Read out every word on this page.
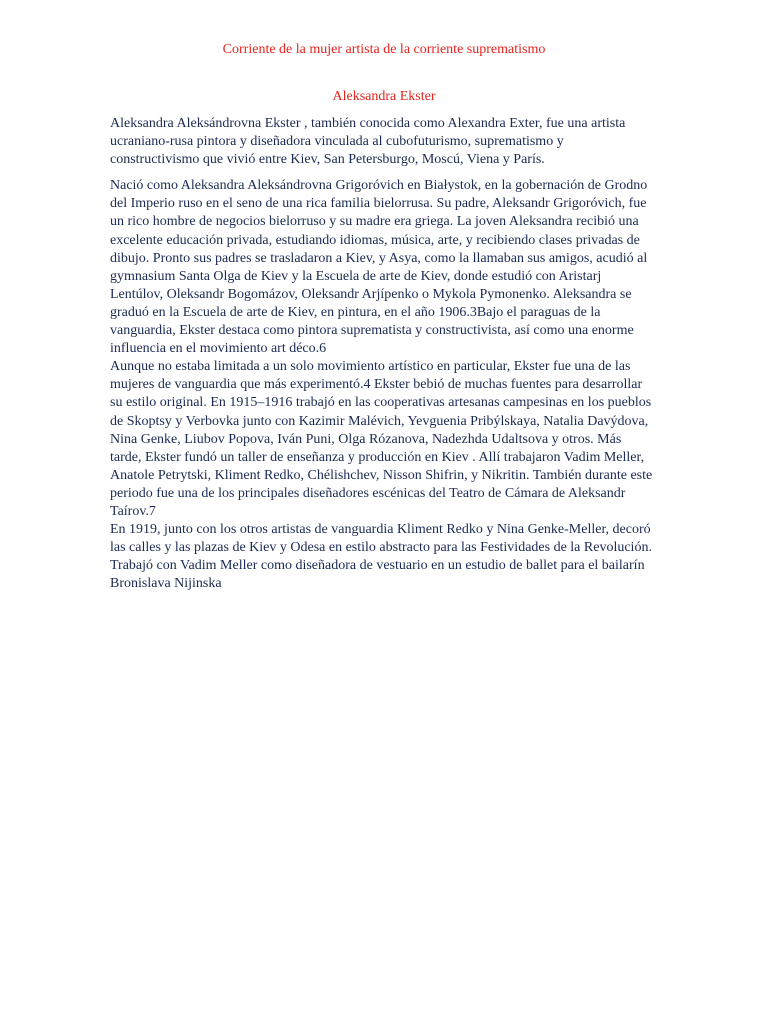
Corriente de la mujer artista de la corriente suprematismo
Aleksandra Ekster

Aleksandra Aleksándrovna Ekster , también conocida como Alexandra Exter, fue una artista ucraniano-rusa pintora y diseñadora vinculada al cubofuturismo, suprematismo y constructivismo que vivió entre Kiev, San Petersburgo, Moscú, Viena y París.

Nació como Aleksandra Aleksándrovna Grigoróvich en Białystok, en la gobernación de Grodno del Imperio ruso en el seno de una rica familia bielorrusa. Su padre, Aleksandr Grigoróvich, fue un rico hombre de negocios bielorruso y su madre era griega. La joven Aleksandra recibió una excelente educación privada, estudiando idiomas, música, arte, y recibiendo clases privadas de dibujo. Pronto sus padres se trasladaron a Kiev, y Asya, como la llamaban sus amigos, acudió al gymnasium Santa Olga de Kiev y la Escuela de arte de Kiev, donde estudió con Aristarj Lentúlov, Oleksandr Bogomázov, Oleksandr Arjípenko o Mykola Pymonenko. Aleksandra se graduó en la Escuela de arte de Kiev, en pintura, en el año 1906.3Bajo el paraguas de la vanguardia, Ekster destaca como pintora suprematista y constructivista, así como una enorme influencia en el movimiento art déco.6

Aunque no estaba limitada a un solo movimiento artístico en particular, Ekster fue una de las mujeres de vanguardia que más experimentó.4 Ekster bebió de muchas fuentes para desarrollar su estilo original. En 1915–1916 trabajó en las cooperativas artesanas campesinas en los pueblos de Skoptsy y Verbovka junto con Kazimir Malévich, Yevguenia Pribýlskaya, Natalia Davýdova, Nina Genke, Liubov Popova, Iván Puni, Olga Rózanova, Nadezhda Udaltsova y otros. Más tarde, Ekster fundó un taller de enseñanza y producción en Kiev . Allí trabajaron Vadim Meller, Anatole Petrytski, Kliment Redko, Chélishchev, Nisson Shifrin, y Nikritin. También durante este periodo fue una de los principales diseñadores escénicas del Teatro de Cámara de Aleksandr Taírov.7

En 1919, junto con los otros artistas de vanguardia Kliment Redko y Nina Genke-Meller, decoró las calles y las plazas de Kiev y Odesa en estilo abstracto para las Festividades de la Revolución. Trabajó con Vadim Meller como diseñadora de vestuario en un estudio de ballet para el bailarín Bronislava Nijinska
